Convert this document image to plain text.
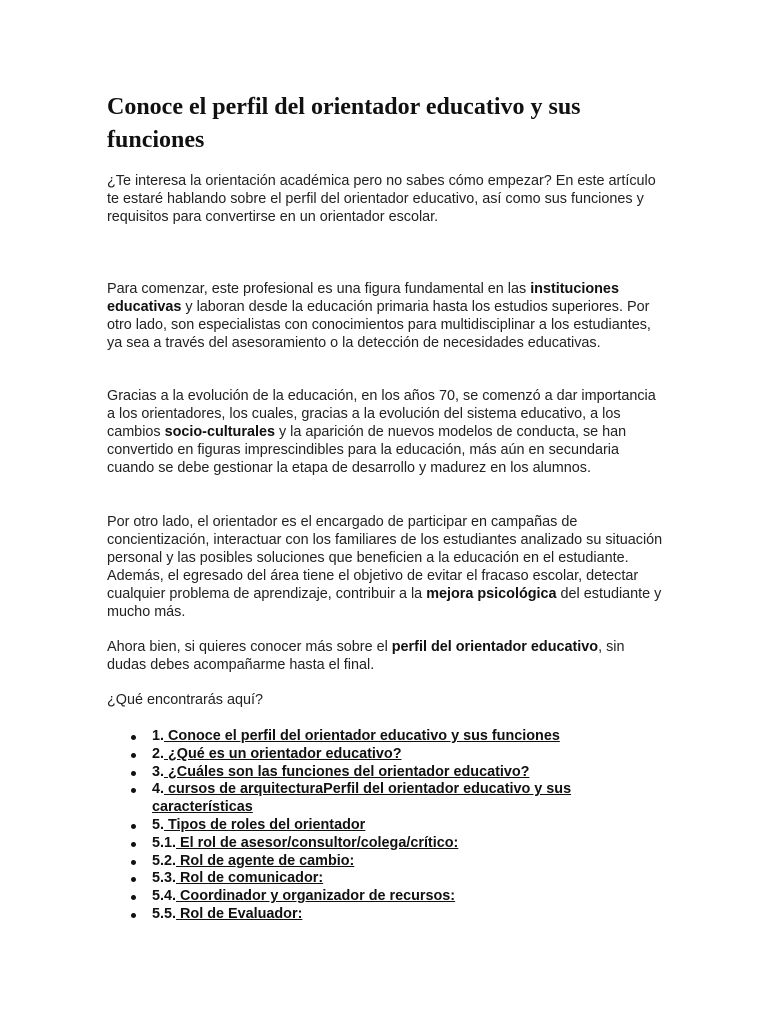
Conoce el perfil del orientador educativo y sus funciones

¿Te interesa la orientación académica pero no sabes cómo empezar? En este artículo te estaré hablando sobre el perfil del orientador educativo, así como sus funciones y requisitos para convertirse en un orientador escolar.

Para comenzar, este profesional es una figura fundamental en las instituciones educativas y laboran desde la educación primaria hasta los estudios superiores. Por otro lado, son especialistas con conocimientos para multidisciplinar a los estudiantes, ya sea a través del asesoramiento o la detección de necesidades educativas.

Gracias a la evolución de la educación, en los años 70, se comenzó a dar importancia a los orientadores, los cuales, gracias a la evolución del sistema educativo, a los cambios socio-culturales y la aparición de nuevos modelos de conducta, se han convertido en figuras imprescindibles para la educación, más aún en secundaria cuando se debe gestionar la etapa de desarrollo y madurez en los alumnos.

Por otro lado, el orientador es el encargado de participar en campañas de concientización, interactuar con los familiares de los estudiantes analizado su situación personal y las posibles soluciones que beneficien a la educación en el estudiante. Además, el egresado del área tiene el objetivo de evitar el fracaso escolar, detectar cualquier problema de aprendizaje, contribuir a la mejora psicológica del estudiante y mucho más.

Ahora bien, si quieres conocer más sobre el perfil del orientador educativo, sin dudas debes acompañarme hasta el final.

¿Qué encontrarás aquí?

1. Conoce el perfil del orientador educativo y sus funciones
2. ¿Qué es un orientador educativo?
3. ¿Cuáles son las funciones del orientador educativo?
4. cursos de arquitecturaPerfil del orientador educativo y sus características
5. Tipos de roles del orientador
5.1. El rol de asesor/consultor/colega/crítico:
5.2. Rol de agente de cambio:
5.3. Rol de comunicador:
5.4. Coordinador y organizador de recursos:
5.5. Rol de Evaluador:
